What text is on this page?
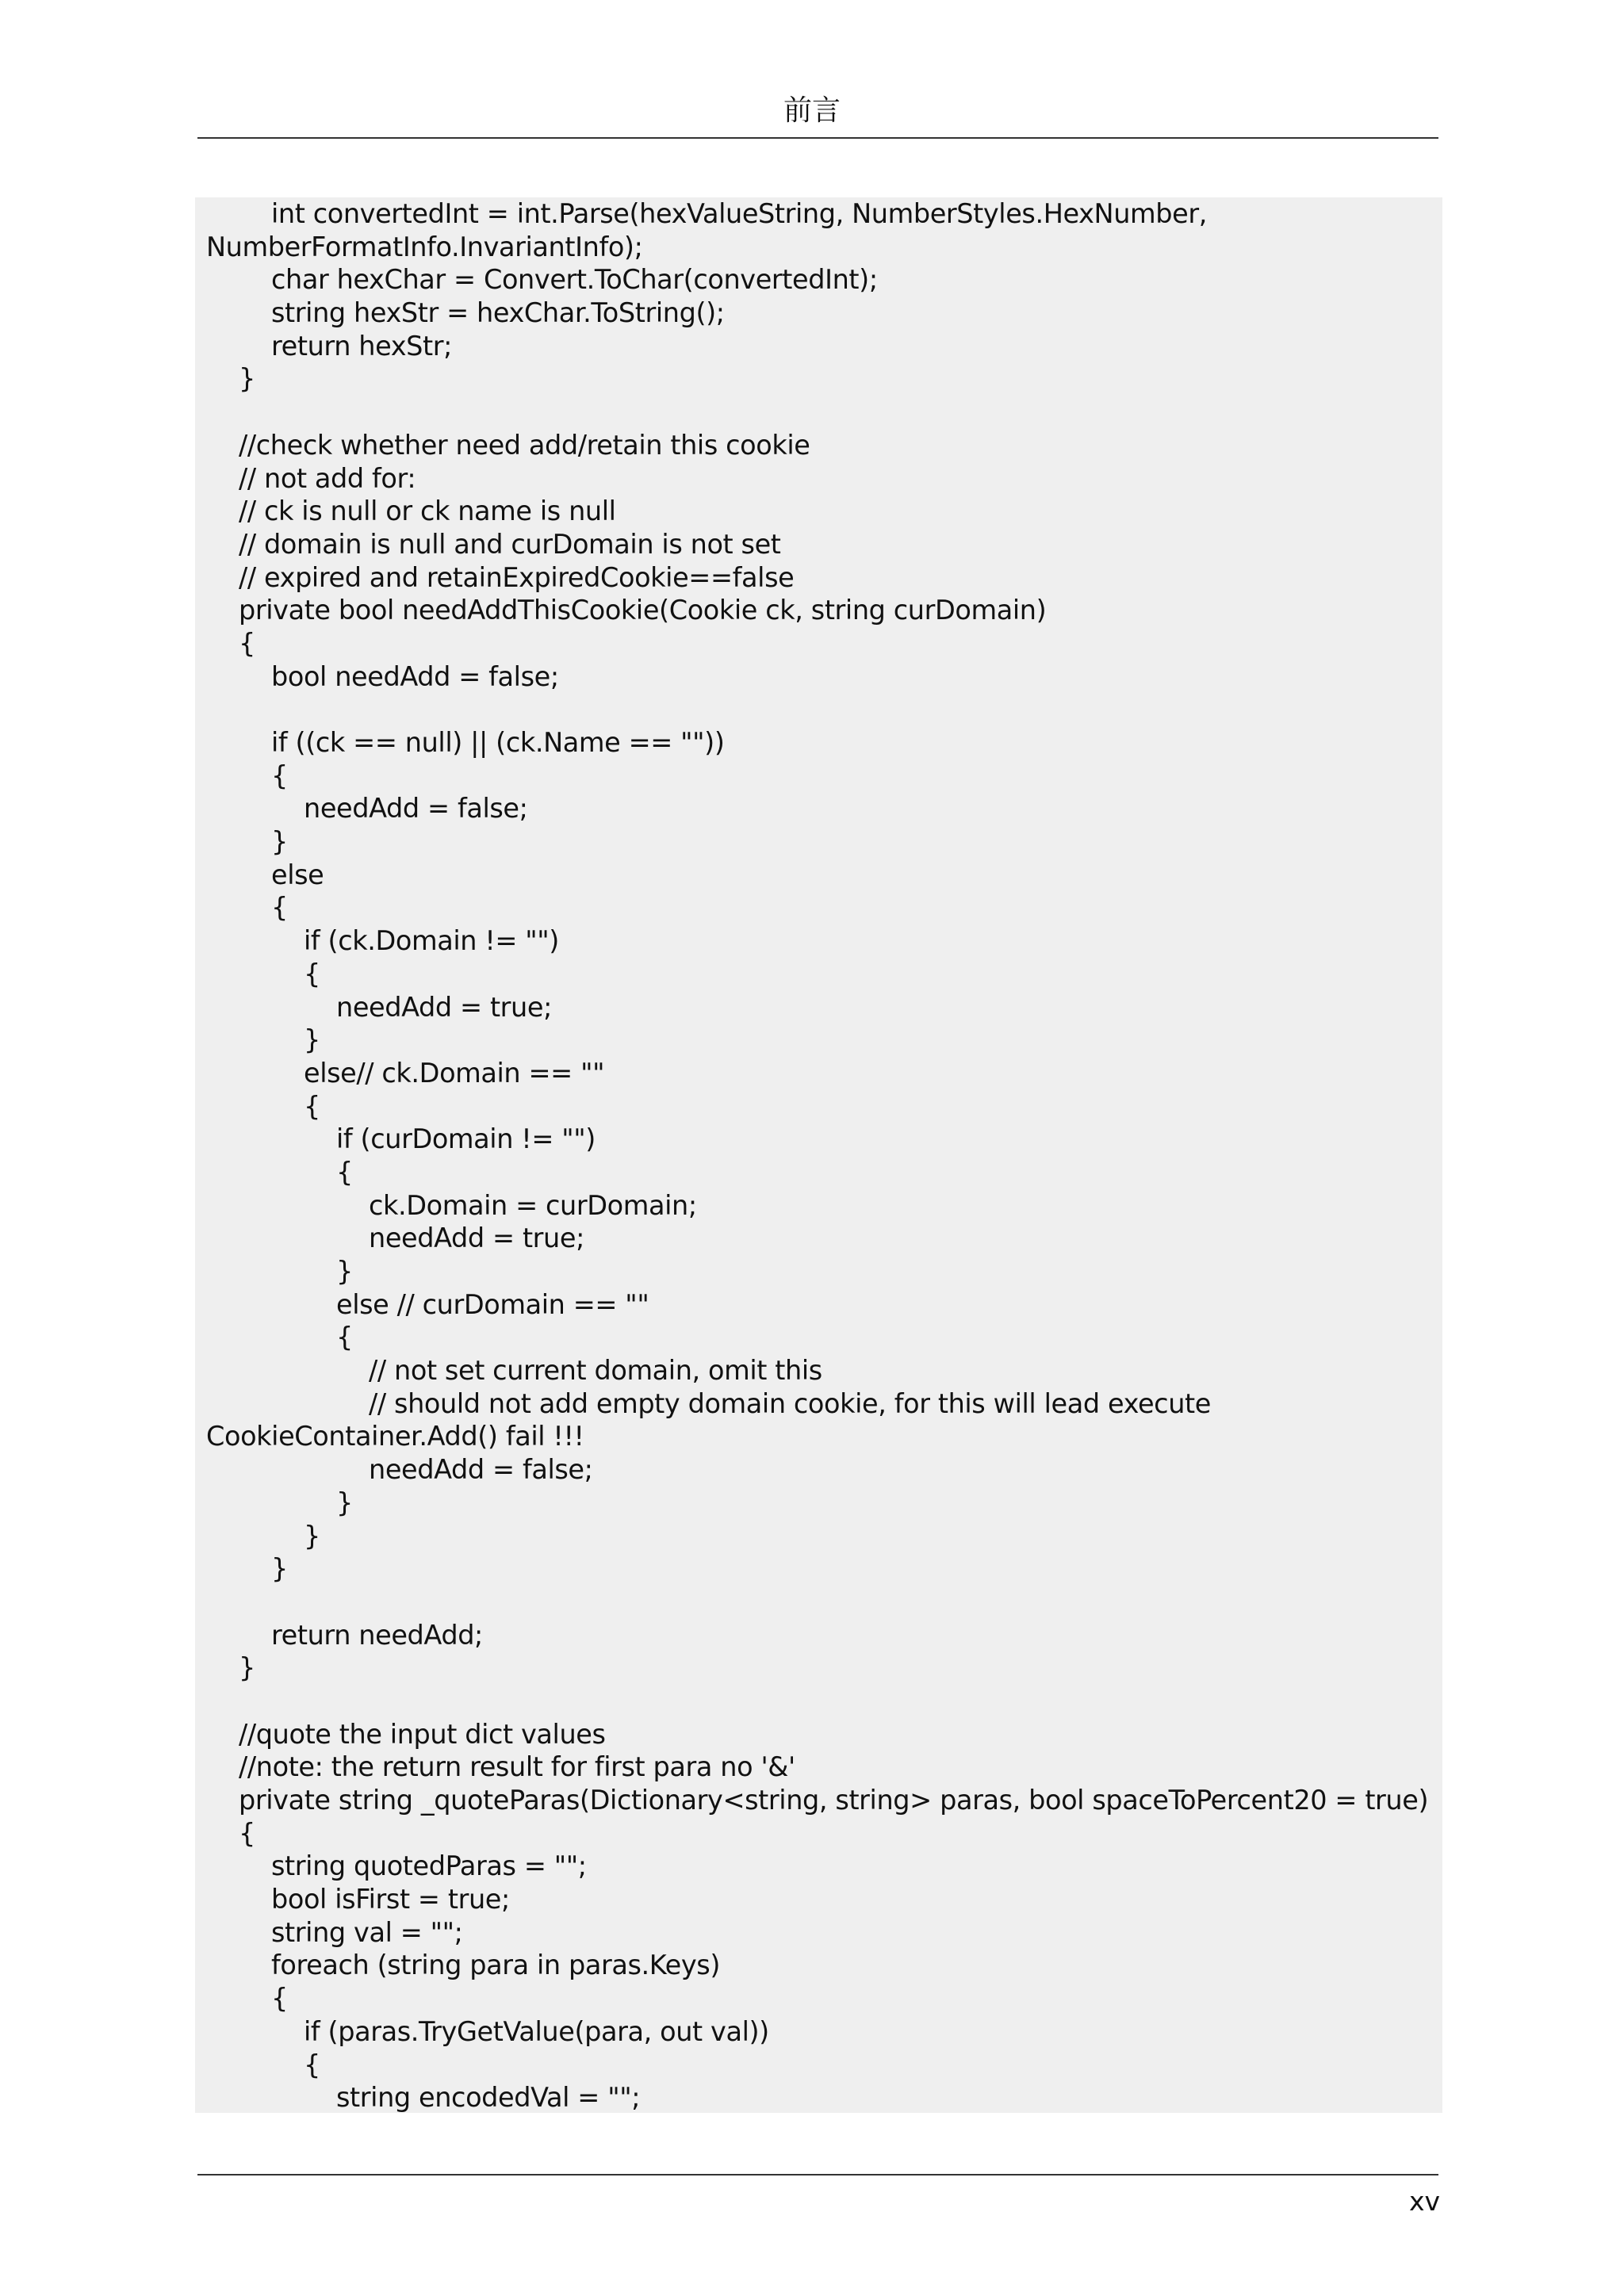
前言
int convertedInt = int.Parse(hexValueString, NumberStyles.HexNumber,
NumberFormatInfo.InvariantInfo);
char hexChar = Convert.ToChar(convertedInt);
string hexStr = hexChar.ToString();
return hexStr;
}
//check whether need add/retain this cookie
// not add for:
// ck is null or ck name is null
// domain is null and curDomain is not set
// expired and retainExpiredCookie==false
private bool needAddThisCookie(Cookie ck, string curDomain)
{
bool needAdd = false;
if ((ck == null) || (ck.Name == ""))
{
needAdd = false;
}
else
{
if (ck.Domain != "")
{
needAdd = true;
}
else// ck.Domain == ""
{
if (curDomain != "")
{
ck.Domain = curDomain;
needAdd = true;
}
else // curDomain == ""
{
// not set current domain, omit this
// should not add empty domain cookie, for this will lead execute
CookieContainer.Add() fail !!!
needAdd = false;
}
}
}
return needAdd;
}
//quote the input dict values
//note: the return result for first para no '&'
private string _quoteParas(Dictionary<string, string> paras, bool spaceToPercent20 = true)
{
string quotedParas = "";
bool isFirst = true;
string val = "";
foreach (string para in paras.Keys)
{
if (paras.TryGetValue(para, out val))
{
string encodedVal = "";
xv
